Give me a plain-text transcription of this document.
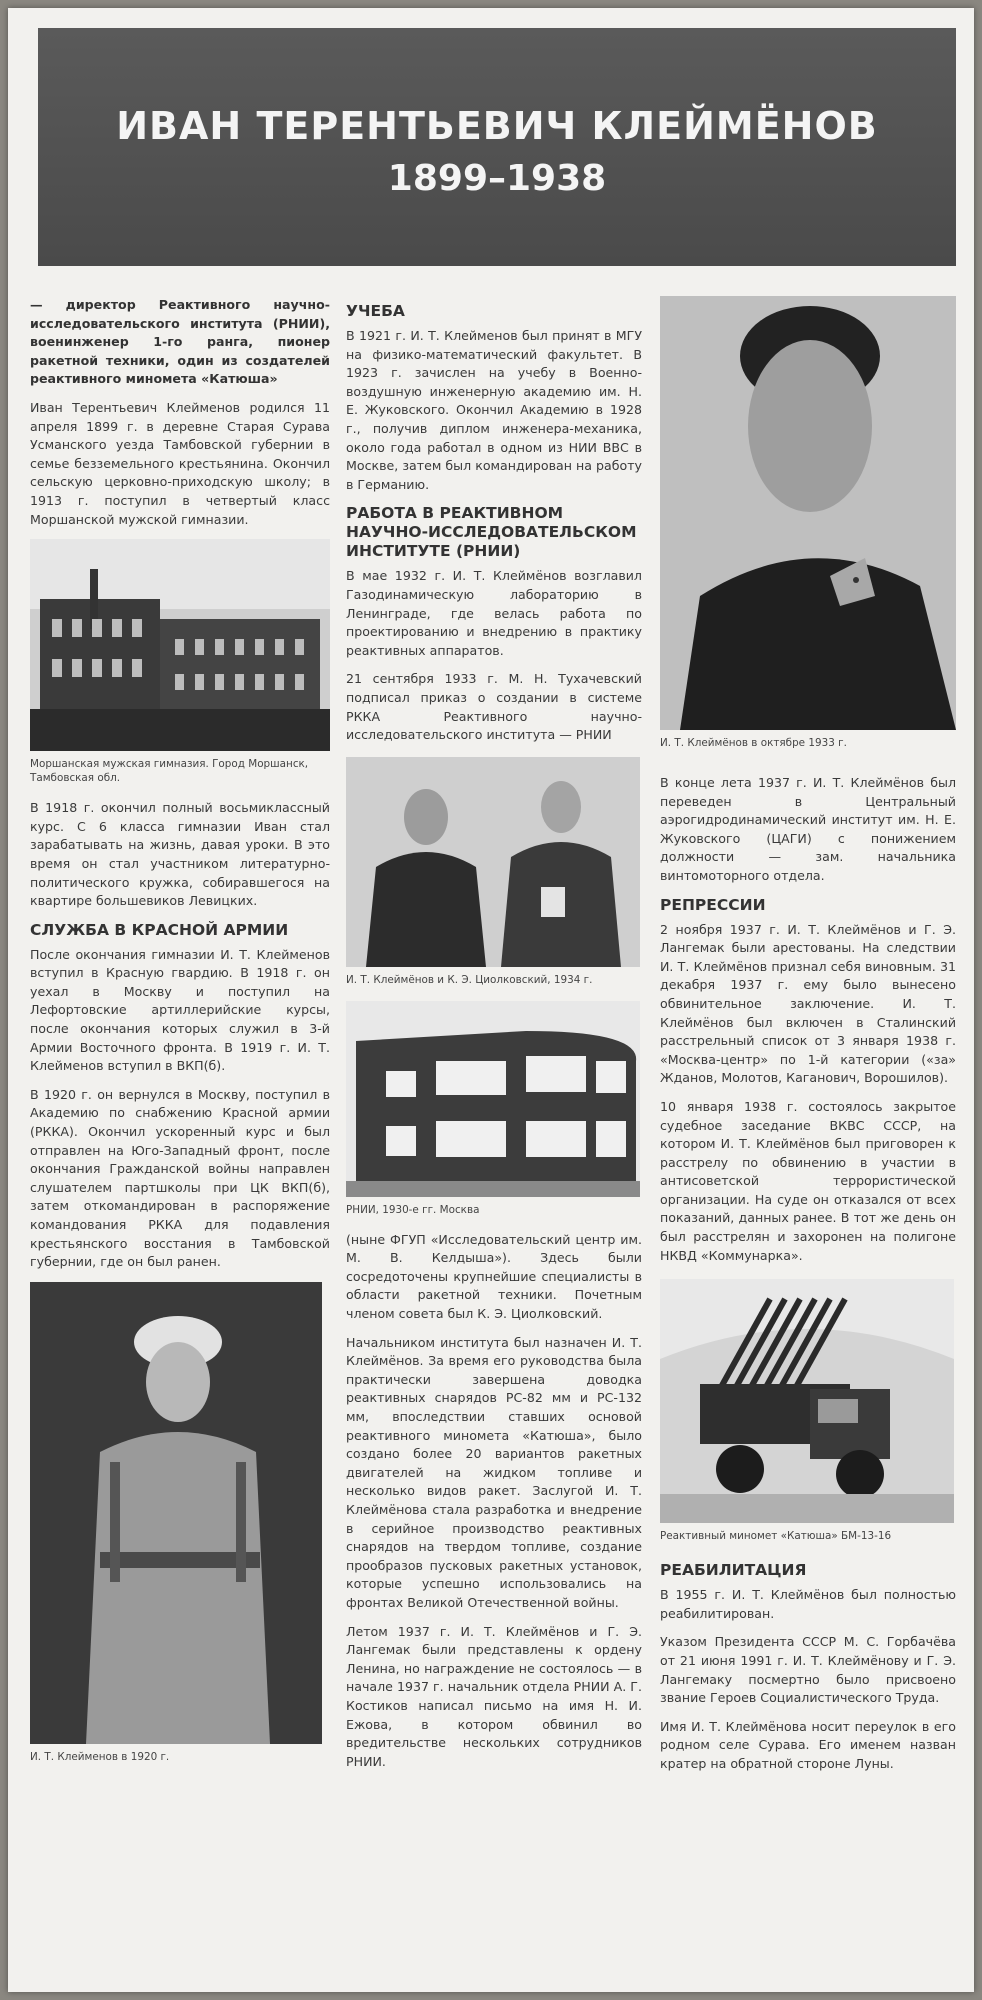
ИВАН ТЕРЕНТЬЕВИЧ КЛЕЙМЁНОВ
1899–1938

— директор Реактивного научно-исследовательского института (РНИИ), военинженер 1-го ранга, пионер ракетной техники, один из создателей реактивного миномета «Катюша»

Иван Терентьевич Клейменов родился 11 апреля 1899 г. в деревне Старая Сурава Усманского уезда Тамбовской губернии в семье безземельного крестьянина. Окончил сельскую церковно-приходскую школу; в 1913 г. поступил в четвертый класс Моршанской мужской гимназии.

Моршанская мужская гимназия. Город Моршанск, Тамбовская обл.

В 1918 г. окончил полный восьмиклассный курс. С 6 класса гимназии Иван стал зарабатывать на жизнь, давая уроки. В это время он стал участником литературно-политического кружка, собиравшегося на квартире большевиков Левицких.

СЛУЖБА В КРАСНОЙ АРМИИ

После окончания гимназии И. Т. Клейменов вступил в Красную гвардию. В 1918 г. он уехал в Москву и поступил на Лефортовские артиллерийские курсы, после окончания которых служил в 3-й Армии Восточного фронта. В 1919 г. И. Т. Клейменов вступил в ВКП(б).

В 1920 г. он вернулся в Москву, поступил в Академию по снабжению Красной армии (РККА). Окончил ускоренный курс и был отправлен на Юго-Западный фронт, после окончания Гражданской войны направлен слушателем партшколы при ЦК ВКП(б), затем откомандирован в распоряжение командования РККА для подавления крестьянского восстания в Тамбовской губернии, где он был ранен.

И. Т. Клейменов в 1920 г.
УЧЕБА

В 1921 г. И. Т. Клейменов был принят в МГУ на физико-математический факультет. В 1923 г. зачислен на учебу в Военно-воздушную инженерную академию им. Н. Е. Жуковского. Окончил Академию в 1928 г., получив диплом инженера-механика, около года работал в одном из НИИ ВВС в Москве, затем был командирован на работу в Германию.

РАБОТА В РЕАКТИВНОМ НАУЧНО-ИССЛЕДОВАТЕЛЬСКОМ ИНСТИТУТЕ (РНИИ)

В мае 1932 г. И. Т. Клеймёнов возглавил Газодинамическую лабораторию в Ленинграде, где велась работа по проектированию и внедрению в практику реактивных аппаратов.

21 сентября 1933 г. М. Н. Тухачевский подписал приказ о создании в системе РККА Реактивного научно-исследовательского института — РНИИ

И. Т. Клеймёнов и К. Э. Циолковский, 1934 г.
РНИИ, 1930-е гг. Москва

(ныне ФГУП «Исследовательский центр им. М. В. Келдыша»). Здесь были сосредоточены крупнейшие специалисты в области ракетной техники. Почетным членом совета был К. Э. Циолковский.

Начальником института был назначен И. Т. Клеймёнов. За время его руководства была практически завершена доводка реактивных снарядов РС-82 мм и РС-132 мм, впоследствии ставших основой реактивного миномета «Катюша», было создано более 20 вариантов ракетных двигателей на жидком топливе и несколько видов ракет. Заслугой И. Т. Клеймёнова стала разработка и внедрение в серийное производство реактивных снарядов на твердом топливе, создание прообразов пусковых ракетных установок, которые успешно использовались на фронтах Великой Отечественной войны.

Летом 1937 г. И. Т. Клеймёнов и Г. Э. Лангемак были представлены к ордену Ленина, но награждение не состоялось — в начале 1937 г. начальник отдела РНИИ А. Г. Костиков написал письмо на имя Н. И. Ежова, в котором обвинил во вредительстве нескольких сотрудников РНИИ.

И. Т. Клеймёнов в октябре 1933 г.

В конце лета 1937 г. И. Т. Клеймёнов был переведен в Центральный аэрогидродинамический институт им. Н. Е. Жуковского (ЦАГИ) с понижением должности — зам. начальника винтомоторного отдела.

РЕПРЕССИИ

2 ноября 1937 г. И. Т. Клеймёнов и Г. Э. Лангемак были арестованы. На следствии И. Т. Клеймёнов признал себя виновным. 31 декабря 1937 г. ему было вынесено обвинительное заключение. И. Т. Клеймёнов был включен в Сталинский расстрельный список от 3 января 1938 г. «Москва-центр» по 1-й категории («за» Жданов, Молотов, Каганович, Ворошилов).

10 января 1938 г. состоялось закрытое судебное заседание ВКВС СССР, на котором И. Т. Клеймёнов был приговорен к расстрелу по обвинению в участии в антисоветской террористической организации. На суде он отказался от всех показаний, данных ранее. В тот же день он был расстрелян и захоронен на полигоне НКВД «Коммунарка».

Реактивный миномет «Катюша» БМ-13-16
РЕАБИЛИТАЦИЯ

В 1955 г. И. Т. Клеймёнов был полностью реабилитирован.

Указом Президента СССР М. С. Горбачёва от 21 июня 1991 г. И. Т. Клеймёнову и Г. Э. Лангемаку посмертно было присвоено звание Героев Социалистического Труда.

Имя И. Т. Клеймёнова носит переулок в его родном селе Сурава. Его именем назван кратер на обратной стороне Луны.
